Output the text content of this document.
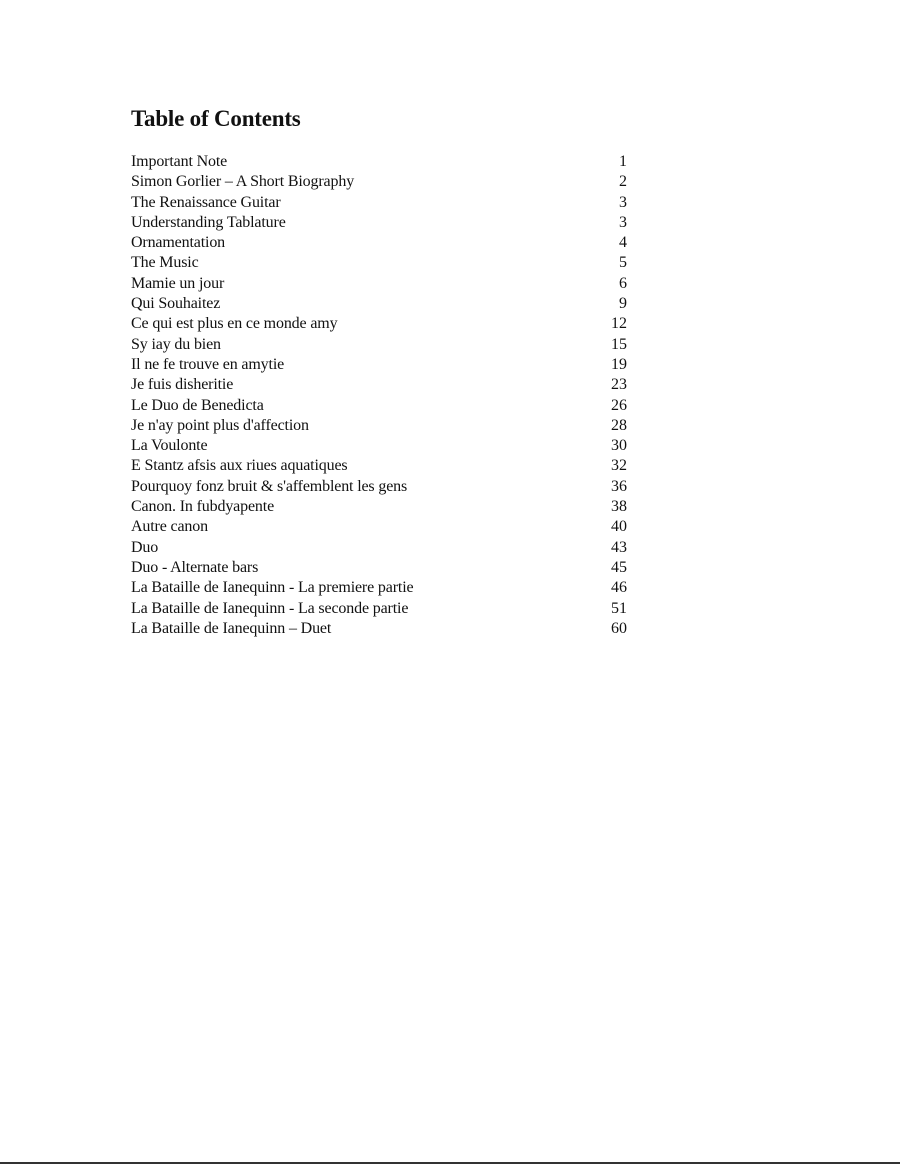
Table of Contents
Important Note	1
Simon Gorlier – A Short Biography	2
The Renaissance Guitar	3
Understanding Tablature	3
Ornamentation	4
The Music	5
Mamie un jour	6
Qui Souhaitez	9
Ce qui est plus en ce monde amy	12
Sy iay du bien	15
Il ne fe trouve en amytie	19
Je fuis disheritie	23
Le Duo de Benedicta	26
Je n'ay point plus d'affection	28
La Voulonte	30
E Stantz afsis aux riues aquatiques	32
Pourquoy fonz bruit & s'affemblent les gens	36
Canon. In fubdyapente	38
Autre canon	40
Duo	43
Duo - Alternate bars	45
La Bataille de Ianequinn - La premiere partie	46
La Bataille de Ianequinn - La seconde partie	51
La Bataille de Ianequinn – Duet	60
